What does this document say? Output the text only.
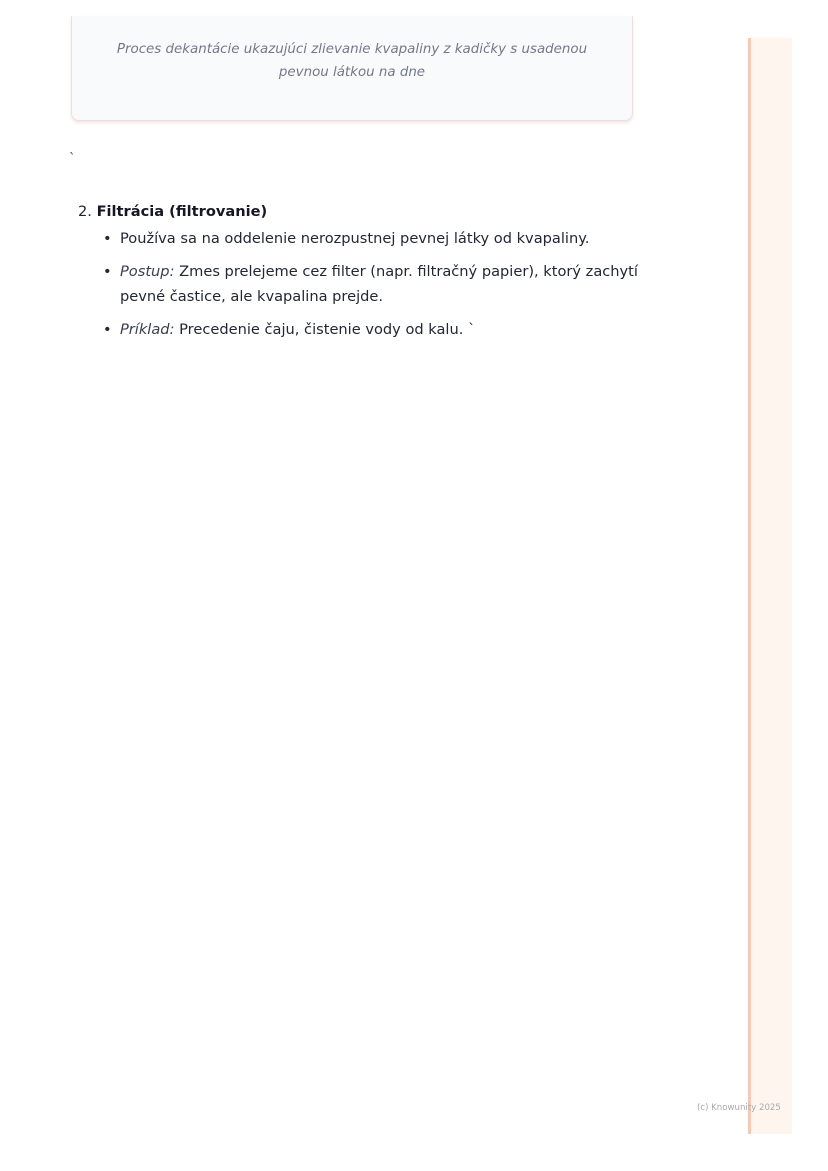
Proces dekantácie ukazujúci zlievanie kvapaliny z kadičky s usadenou pevnou látkou na dne
`
2. Filtrácia (filtrovanie)
• Používa sa na oddelenie nerozpustnej pevnej látky od kvapaliny.
• Postup: Zmes prelejeme cez filter (napr. filtračný papier), ktorý zachytí pevné častice, ale kvapalina prejde.
• Príklad: Precedenie čaju, čistenie vody od kalu. `
(c) Knowunity 2025
